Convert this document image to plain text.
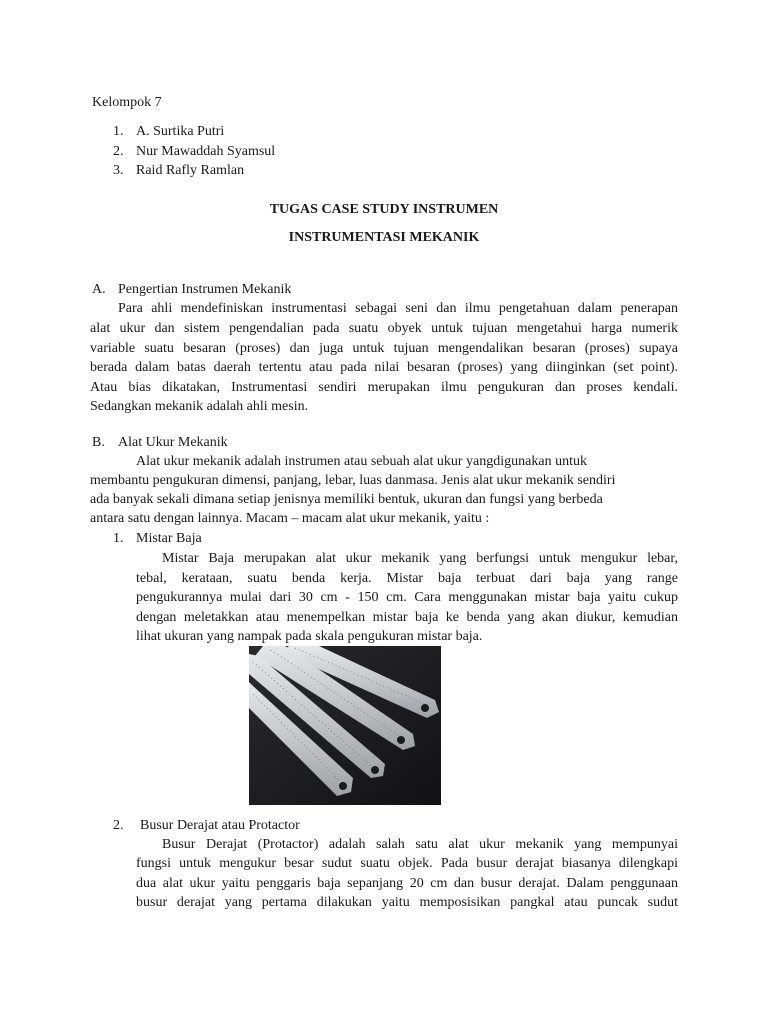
Kelompok 7
1. A. Surtika Putri
2. Nur Mawaddah Syamsul
3. Raid Rafly Ramlan
TUGAS CASE STUDY INSTRUMEN
INSTRUMENTASI MEKANIK
A. Pengertian Instrumen Mekanik
Para ahli mendefiniskan instrumentasi sebagai seni dan ilmu pengetahuan dalam penerapan
alat ukur dan sistem pengendalian pada suatu obyek untuk tujuan mengetahui harga numerik
variable suatu besaran (proses) dan juga untuk tujuan mengendalikan besaran (proses) supaya
berada dalam batas daerah tertentu atau pada nilai besaran (proses) yang diinginkan (set point).
Atau bias dikatakan, Instrumentasi sendiri merupakan ilmu pengukuran dan proses kendali.
Sedangkan mekanik adalah ahli mesin.
B. Alat Ukur Mekanik
Alat ukur mekanik adalah instrumen atau sebuah alat ukur yangdigunakan untuk
membantu pengukuran dimensi, panjang, lebar, luas danmasa. Jenis alat ukur mekanik sendiri
ada banyak sekali dimana setiap jenisnya memiliki bentuk, ukuran dan fungsi yang berbeda
antara satu dengan lainnya. Macam – macam alat ukur mekanik, yaitu :
1. Mistar Baja
Mistar Baja merupakan alat ukur mekanik yang berfungsi untuk mengukur lebar,
tebal, kerataan, suatu benda kerja. Mistar baja terbuat dari baja yang range
pengukurannya mulai dari 30 cm - 150 cm. Cara menggunakan mistar baja yaitu cukup
dengan meletakkan atau menempelkan mistar baja ke benda yang akan diukur, kemudian
lihat ukuran yang nampak pada skala pengukuran mistar baja.
2. Busur Derajat atau Protactor
Busur Derajat (Protactor) adalah salah satu alat ukur mekanik yang mempunyai
fungsi untuk mengukur besar sudut suatu objek. Pada busur derajat biasanya dilengkapi
dua alat ukur yaitu penggaris baja sepanjang 20 cm dan busur derajat. Dalam penggunaan
busur derajat yang pertama dilakukan yaitu memposisikan pangkal atau puncak sudut
